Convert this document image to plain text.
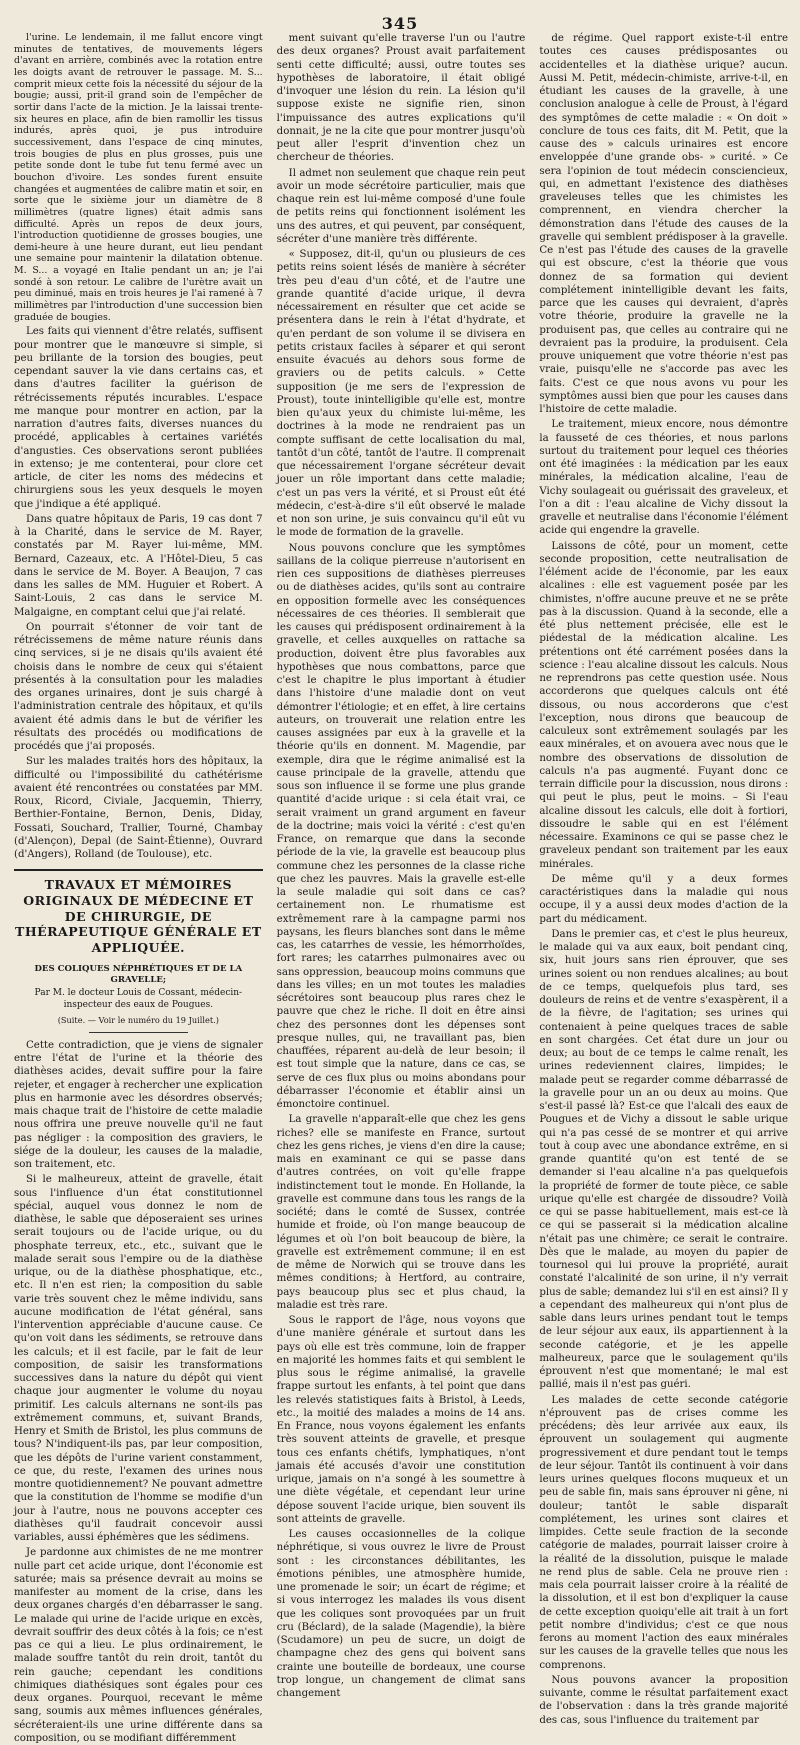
345

l'urine. Le lendemain, il me fallut encore vingt minutes de tentatives, de mouvements légers d'avant en arrière, combinés avec la rotation entre les doigts avant de retrouver le passage. M. S... comprit mieux cette fois la nécessité du séjour de la bougie; aussi, prit-il grand soin de l'empêcher de sortir dans l'acte de la miction. Je la laissai trente-six heures en place, afin de bien ramollir les tissus indurés, après quoi, je pus introduire successivement, dans l'espace de cinq minutes, trois bougies de plus en plus grosses, puis une petite sonde dont le tube fut tenu fermé avec un bouchon d'ivoire. Les sondes furent ensuite changées et augmentées de calibre matin et soir, en sorte que le sixième jour un diamètre de 8 millimètres (quatre lignes) était admis sans difficulté. Après un repos de deux jours, l'introduction quotidienne de grosses bougies, une demi-heure à une heure durant, eut lieu pendant une semaine pour maintenir la dilatation obtenue. M. S... a voyagé en Italie pendant un an; je l'ai sondé à son retour. Le calibre de l'urètre avait un peu diminué, mais en trois heures je l'ai ramené à 7 millimètres par l'introduction d'une succession bien graduée de bougies.

Les faits qui viennent d'être relatés, suffisent pour montrer que le manœuvre si simple, si peu brillante de la torsion des bougies, peut cependant sauver la vie dans certains cas, et dans d'autres faciliter la guérison de rétrécissements réputés incurables. L'espace me manque pour montrer en action, par la narration d'autres faits, diverses nuances du procédé, applicables à certaines variétés d'angusties. Ces observations seront publiées in extenso; je me contenterai, pour clore cet article, de citer les noms des médecins et chirurgiens sous les yeux desquels le moyen que j'indique a été appliqué.

Dans quatre hôpitaux de Paris, 19 cas dont 7 à la Charité, dans le service de M. Rayer, constatés par M. Rayer lui-même, MM. Bernard, Cazeaux, etc. A l'Hôtel-Dieu, 5 cas dans le service de M. Boyer. A Beaujon, 7 cas dans les salles de MM. Huguier et Robert. A Saint-Louis, 2 cas dans le service M. Malgaigne, en comptant celui que j'ai relaté.

On pourrait s'étonner de voir tant de rétrécissemens de même nature réunis dans cinq services, si je ne disais qu'ils avaient été choisis dans le nombre de ceux qui s'étaient présentés à la consultation pour les maladies des organes urinaires, dont je suis chargé à l'administration centrale des hôpitaux, et qu'ils avaient été admis dans le but de vérifier les résultats des procédés ou modifications de procédés que j'ai proposés.

Sur les malades traités hors des hôpitaux, la difficulté ou l'impossibilité du cathétérisme avaient été rencontrées ou constatées par MM. Roux, Ricord, Civiale, Jacquemin, Thierry, Berthier-Fontaine, Bernon, Denis, Diday, Fossati, Souchard, Trallier, Tourné, Chambay (d'Alençon), Depal (de Saint-Étienne), Ouvrard (d'Angers), Rolland (de Toulouse), etc.

TRAVAUX ET MÉMOIRES ORIGINAUX DE MÉDECINE ET DE CHIRURGIE, DE THÉRAPEUTIQUE GÉNÉRALE ET APPLIQUÉE.
DES COLIQUES NÉPHRÉTIQUES ET DE LA GRAVELLE;
Par M. le docteur Louis de Cossant, médecin-inspecteur des eaux de Pougues.
(Suite. — Voir le numéro du 19 Juillet.)

Cette contradiction, que je viens de signaler entre l'état de l'urine et la théorie des diathèses acides, devait suffire pour la faire rejeter, et engager à rechercher une explication plus en harmonie avec les désordres observés; mais chaque trait de l'histoire de cette maladie nous offrira une preuve nouvelle qu'il ne faut pas négliger : la composition des graviers, le siége de la douleur, les causes de la maladie, son traitement, etc.

Si le malheureux, atteint de gravelle, était sous l'influence d'un état constitutionnel spécial, auquel vous donnez le nom de diathèse, le sable que déposeraient ses urines serait toujours ou de l'acide urique, ou du phosphate terreux, etc., etc., suivant que le malade serait sous l'empire ou de la diathèse urique, ou de la diathèse phosphatique, etc., etc. Il n'en est rien; la composition du sable varie très souvent chez le même individu, sans aucune modification de l'état général, sans l'intervention appréciable d'aucune cause. Ce qu'on voit dans les sédiments, se retrouve dans les calculs; et il est facile, par le fait de leur composition, de saisir les transformations successives dans la nature du dépôt qui vient chaque jour augmenter le volume du noyau primitif. Les calculs alternans ne sont-ils pas extrêmement communs, et, suivant Brands, Henry et Smith de Bristol, les plus communs de tous? N'indiquent-ils pas, par leur composition, que les dépôts de l'urine varient constamment, ce que, du reste, l'examen des urines nous montre quotidiennement? Ne pouvant admettre que la constitution de l'homme se modifie d'un jour à l'autre, nous ne pouvons accepter ces diathèses qu'il faudrait concevoir aussi variables, aussi éphémères que les sédimens.

Je pardonne aux chimistes de ne me montrer nulle part cet acide urique, dont l'économie est saturée; mais sa présence devrait au moins se manifester au moment de la crise, dans les deux organes chargés d'en débarrasser le sang. Le malade qui urine de l'acide urique en excès, devrait souffrir des deux côtés à la fois; ce n'est pas ce qui a lieu. Le plus ordinairement, le malade souffre tantôt du rein droit, tantôt du rein gauche; cependant les conditions chimiques diathésiques sont égales pour ces deux organes. Pourquoi, recevant le même sang, soumis aux mêmes influences générales, sécréteraient-ils une urine différente dans sa composition, ou se modifiant différemment

ment suivant qu'elle traverse l'un ou l'autre des deux organes? Proust avait parfaitement senti cette difficulté; aussi, outre toutes ses hypothèses de laboratoire, il était obligé d'invoquer une lésion du rein. La lésion qu'il suppose existe ne signifie rien, sinon l'impuissance des autres explications qu'il donnait, je ne la cite que pour montrer jusqu'où peut aller l'esprit d'invention chez un chercheur de théories.

Il admet non seulement que chaque rein peut avoir un mode sécrétoire particulier, mais que chaque rein est lui-même composé d'une foule de petits reins qui fonctionnent isolément les uns des autres, et qui peuvent, par conséquent, sécréter d'une manière très différente.

« Supposez, dit-il, qu'un ou plusieurs de ces petits reins soient lésés de manière à sécréter très peu d'eau d'un côté, et de l'autre une grande quantité d'acide urique, il devra nécessairement en résulter que cet acide se présentera dans le rein à l'état d'hydrate, et qu'en perdant de son volume il se divisera en petits cristaux faciles à séparer et qui seront ensuite évacués au dehors sous forme de graviers ou de petits calculs. » Cette supposition (je me sers de l'expression de Proust), toute inintelligible qu'elle est, montre bien qu'aux yeux du chimiste lui-même, les doctrines à la mode ne rendraient pas un compte suffisant de cette localisation du mal, tantôt d'un côté, tantôt de l'autre. Il comprenait que nécessairement l'organe sécréteur devait jouer un rôle important dans cette maladie; c'est un pas vers la vérité, et si Proust eût été médecin, c'est-à-dire s'il eût observé le malade et non son urine, je suis convaincu qu'il eût vu le mode de formation de la gravelle.

Nous pouvons conclure que les symptômes saillans de la colique pierreuse n'autorisent en rien ces suppositions de diathèses pierreuses ou de diathèses acides, qu'ils sont au contraire en opposition formelle avec les conséquences nécessaires de ces théories. Il semblerait que les causes qui prédisposent ordinairement à la gravelle, et celles auxquelles on rattache sa production, doivent être plus favorables aux hypothèses que nous combattons, parce que c'est le chapitre le plus important à étudier dans l'histoire d'une maladie dont on veut démontrer l'étiologie; et en effet, à lire certains auteurs, on trouverait une relation entre les causes assignées par eux à la gravelle et la théorie qu'ils en donnent. M. Magendie, par exemple, dira que le régime animalisé est la cause principale de la gravelle, attendu que sous son influence il se forme une plus grande quantité d'acide urique : si cela était vrai, ce serait vraiment un grand argument en faveur de la doctrine; mais voici la vérité : c'est qu'en France, on remarque que dans la seconde période de la vie, la gravelle est beaucoup plus commune chez les personnes de la classe riche que chez les pauvres. Mais la gravelle est-elle la seule maladie qui soit dans ce cas? certainement non. Le rhumatisme est extrêmement rare à la campagne parmi nos paysans, les fleurs blanches sont dans le même cas, les catarrhes de vessie, les hémorrhoïdes, fort rares; les catarrhes pulmonaires avec ou sans oppression, beaucoup moins communs que dans les villes; en un mot toutes les maladies sécrétoires sont beaucoup plus rares chez le pauvre que chez le riche. Il doit en être ainsi chez des personnes dont les dépenses sont presque nulles, qui, ne travaillant pas, bien chauffées, réparent au-delà de leur besoin; il est tout simple que la nature, dans ce cas, se serve de ces flux plus ou moins abondans pour débarrasser l'économie et établir ainsi un émonctoire continuel.

La gravelle n'apparaît-elle que chez les gens riches? elle se manifeste en France, surtout chez les gens riches, je viens d'en dire la cause; mais en examinant ce qui se passe dans d'autres contrées, on voit qu'elle frappe indistinctement tout le monde. En Hollande, la gravelle est commune dans tous les rangs de la société; dans le comté de Sussex, contrée humide et froide, où l'on mange beaucoup de légumes et où l'on boit beaucoup de bière, la gravelle est extrêmement commune; il en est de même de Norwich qui se trouve dans les mêmes conditions; à Hertford, au contraire, pays beaucoup plus sec et plus chaud, la maladie est très rare.

Sous le rapport de l'âge, nous voyons que d'une manière générale et surtout dans les pays où elle est très commune, loin de frapper en majorité les hommes faits et qui semblent le plus sous le régime animalisé, la gravelle frappe surtout les enfants, à tel point que dans les relevés statistiques faits à Bristol, à Leeds, etc., la moitié des malades a moins de 14 ans. En France, nous voyons également les enfants très souvent atteints de gravelle, et presque tous ces enfants chétifs, lymphatiques, n'ont jamais été accusés d'avoir une constitution urique, jamais on n'a songé à les soumettre à une diète végétale, et cependant leur urine dépose souvent l'acide urique, bien souvent ils sont atteints de gravelle.

Les causes occasionnelles de la colique néphrétique, si vous ouvrez le livre de Proust sont : les circonstances débilitantes, les émotions pénibles, une atmosphère humide, une promenade le soir; un écart de régime; et si vous interrogez les malades ils vous disent que les coliques sont provoquées par un fruit cru (Béclard), de la salade (Magendie), la bière (Scudamore) un peu de sucre, un doigt de champagne chez des gens qui boivent sans crainte une bouteille de bordeaux, une course trop longue, un changement de climat sans changement

de régime. Quel rapport existe-t-il entre toutes ces causes prédisposantes ou accidentelles et la diathèse urique? aucun. Aussi M. Petit, médecin-chimiste, arrive-t-il, en étudiant les causes de la gravelle, à une conclusion analogue à celle de Proust, à l'égard des symptômes de cette maladie : « On doit » conclure de tous ces faits, dit M. Petit, que la cause des » calculs urinaires est encore enveloppée d'une grande obs- » curité. » Ce sera l'opinion de tout médecin consciencieux, qui, en admettant l'existence des diathèses graveleuses telles que les chimistes les comprennent, en viendra chercher la démonstration dans l'étude des causes de la gravelle qui semblent prédisposer à la gravelle. Ce n'est pas l'étude des causes de la gravelle qui est obscure, c'est la théorie que vous donnez de sa formation qui devient complétement inintelligible devant les faits, parce que les causes qui devraient, d'après votre théorie, produire la gravelle ne la produisent pas, que celles au contraire qui ne devraient pas la produire, la produisent. Cela prouve uniquement que votre théorie n'est pas vraie, puisqu'elle ne s'accorde pas avec les faits. C'est ce que nous avons vu pour les symptômes aussi bien que pour les causes dans l'histoire de cette maladie.

Le traitement, mieux encore, nous démontre la fausseté de ces théories, et nous parlons surtout du traitement pour lequel ces théories ont été imaginées : la médication par les eaux minérales, la médication alcaline, l'eau de Vichy soulageait ou guérissait des graveleux, et l'on a dit : l'eau alcaline de Vichy dissout la gravelle et neutralise dans l'économie l'élément acide qui engendre la gravelle.

Laissons de côté, pour un moment, cette seconde proposition, cette neutralisation de l'élément acide de l'économie, par les eaux alcalines : elle est vaguement posée par les chimistes, n'offre aucune preuve et ne se prête pas à la discussion. Quand à la seconde, elle a été plus nettement précisée, elle est le piédestal de la médication alcaline. Les prétentions ont été carrément posées dans la science : l'eau alcaline dissout les calculs. Nous ne reprendrons pas cette question usée. Nous accorderons que quelques calculs ont été dissous, ou nous accorderons que c'est l'exception, nous dirons que beaucoup de calculeux sont extrêmement soulagés par les eaux minérales, et on avouera avec nous que le nombre des observations de dissolution de calculs n'a pas augmenté. Fuyant donc ce terrain difficile pour la discussion, nous dirons : qui peut le plus, peut le moins. – Si l'eau alcaline dissout les calculs, elle doit à fortiori, dissoudre le sable qui en est l'élément nécessaire. Examinons ce qui se passe chez le graveleux pendant son traitement par les eaux minérales.

De même qu'il y a deux formes caractéristiques dans la maladie qui nous occupe, il y a aussi deux modes d'action de la part du médicament.

Dans le premier cas, et c'est le plus heureux, le malade qui va aux eaux, boit pendant cinq, six, huit jours sans rien éprouver, que ses urines soient ou non rendues alcalines; au bout de ce temps, quelquefois plus tard, ses douleurs de reins et de ventre s'exaspèrent, il a de la fièvre, de l'agitation; ses urines qui contenaient à peine quelques traces de sable en sont chargées. Cet état dure un jour ou deux; au bout de ce temps le calme renaît, les urines redeviennent claires, limpides; le malade peut se regarder comme débarrassé de la gravelle pour un an ou deux au moins. Que s'est-il passé là? Est-ce que l'alcali des eaux de Pougues et de Vichy a dissout le sable urique qui n'a pas cessé de se montrer et qui arrive tout à coup avec une abondance extrême, en si grande quantité qu'on est tenté de se demander si l'eau alcaline n'a pas quelquefois la propriété de former de toute pièce, ce sable urique qu'elle est chargée de dissoudre? Voilà ce qui se passe habituellement, mais est-ce là ce qui se passerait si la médication alcaline n'était pas une chimère; ce serait le contraire. Dès que le malade, au moyen du papier de tournesol qui lui prouve la propriété, aurait constaté l'alcalinité de son urine, il n'y verrait plus de sable; demandez lui s'il en est ainsi? Il y a cependant des malheureux qui n'ont plus de sable dans leurs urines pendant tout le temps de leur séjour aux eaux, ils appartiennent à la seconde catégorie, et je les appelle malheureux, parce que le soulagement qu'ils éprouvent n'est que momentané; le mal est pallié, mais il n'est pas guéri.

Les malades de cette seconde catégorie n'éprouvent pas de crises comme les précédens; dès leur arrivée aux eaux, ils éprouvent un soulagement qui augmente progressivement et dure pendant tout le temps de leur séjour. Tantôt ils continuent à voir dans leurs urines quelques flocons muqueux et un peu de sable fin, mais sans éprouver ni gêne, ni douleur; tantôt le sable disparaît complétement, les urines sont claires et limpides. Cette seule fraction de la seconde catégorie de malades, pourrait laisser croire à la réalité de la dissolution, puisque le malade ne rend plus de sable. Cela ne prouve rien : mais cela pourrait laisser croire à la réalité de la dissolution, et il est bon d'expliquer la cause de cette exception quoiqu'elle ait trait à un fort petit nombre d'individus; c'est ce que nous ferons au moment l'action des eaux minérales sur les causes de la gravelle telles que nous les comprenons.

Nous pouvons avancer la proposition suivante, comme le résultat parfaitement exact de l'observation : dans la très grande majorité des cas, sous l'influence du traitement par
